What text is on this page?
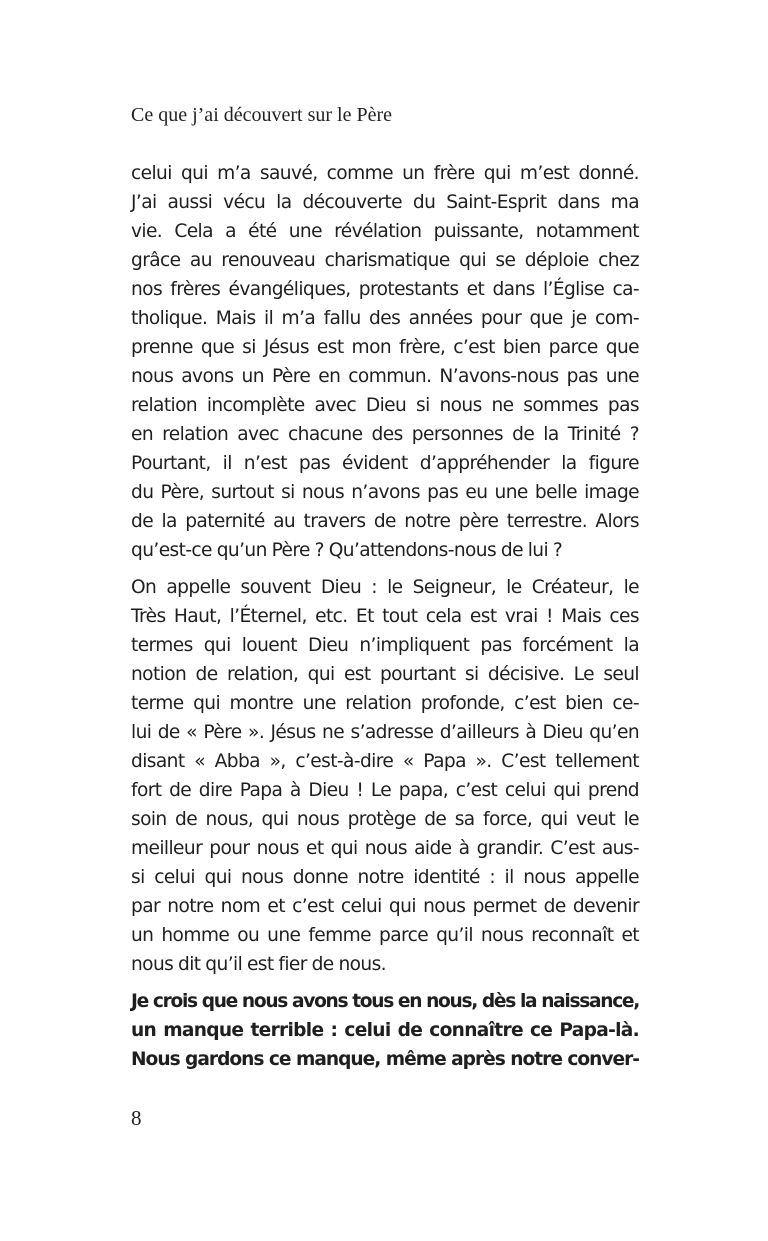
Ce que j’ai découvert sur le Père
celui qui m’a sauvé, comme un frère qui m’est donné.
J’ai aussi vécu la découverte du Saint-Esprit dans ma
vie. Cela a été une révélation puissante, notamment
grâce au renouveau charismatique qui se déploie chez
nos frères évangéliques, protestants et dans l’Église ca-
tholique. Mais il m’a fallu des années pour que je com-
prenne que si Jésus est mon frère, c’est bien parce que
nous avons un Père en commun. N’avons-nous pas une
relation incomplète avec Dieu si nous ne sommes pas
en relation avec chacune des personnes de la Trinité ?
Pourtant, il n’est pas évident d’appréhender la figure
du Père, surtout si nous n’avons pas eu une belle image
de la paternité au travers de notre père terrestre. Alors
qu’est-ce qu’un Père ? Qu’attendons-nous de lui ?
On appelle souvent Dieu : le Seigneur, le Créateur, le
Très Haut, l’Éternel, etc. Et tout cela est vrai ! Mais ces
termes qui louent Dieu n’impliquent pas forcément la
notion de relation, qui est pourtant si décisive. Le seul
terme qui montre une relation profonde, c’est bien ce-
lui de « Père ». Jésus ne s’adresse d’ailleurs à Dieu qu’en
disant « Abba », c’est-à-dire « Papa ». C’est tellement
fort de dire Papa à Dieu ! Le papa, c’est celui qui prend
soin de nous, qui nous protège de sa force, qui veut le
meilleur pour nous et qui nous aide à grandir. C’est aus-
si celui qui nous donne notre identité : il nous appelle
par notre nom et c’est celui qui nous permet de devenir
un homme ou une femme parce qu’il nous reconnaît et
nous dit qu’il est fier de nous.
Je crois que nous avons tous en nous, dès la naissance,
un manque terrible : celui de connaître ce Papa-là.
Nous gardons ce manque, même après notre conver-
8
